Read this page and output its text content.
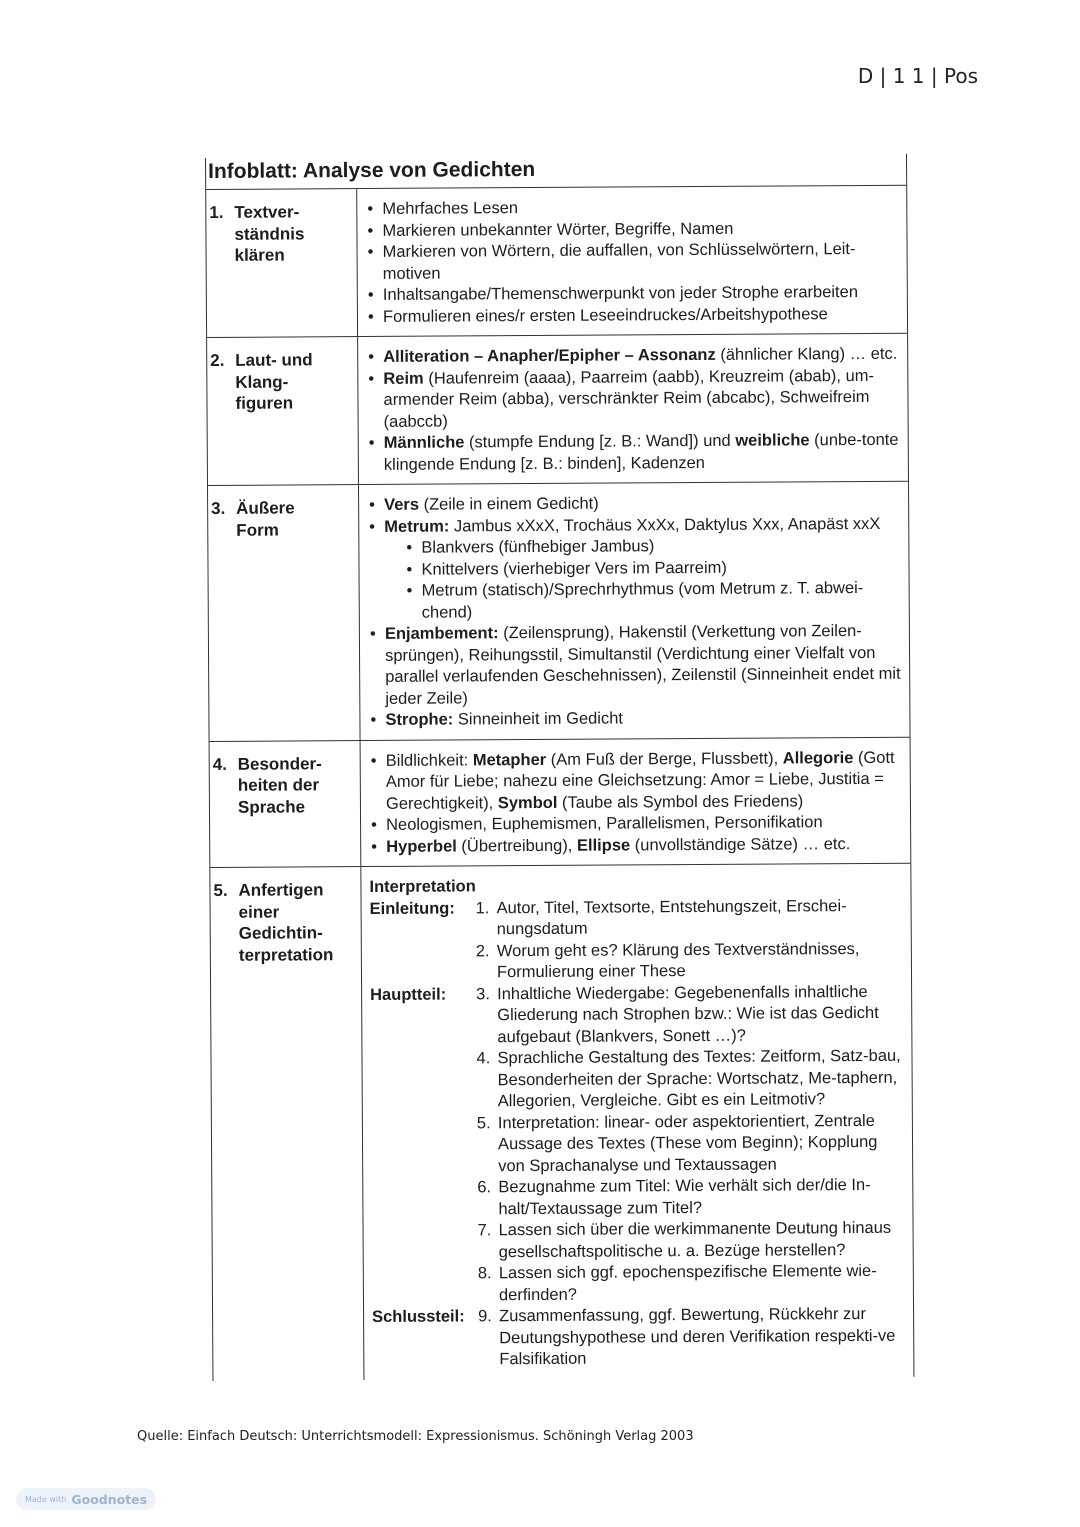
D | 1 1 | Pos
Infoblatt: Analyse von Gedichten
1. Textver-
ständnis
klären
• Mehrfaches Lesen
• Markieren unbekannter Wörter, Begriffe, Namen
• Markieren von Wörtern, die auffallen, von Schlüsselwörtern, Leit-motiven
• Inhaltsangabe/Themenschwerpunkt von jeder Strophe erarbeiten
• Formulieren eines/r ersten Leseeindruckes/Arbeitshypothese
2. Laut- und
Klang-
figuren
• Alliteration – Anapher/Epipher – Assonanz (ähnlicher Klang) … etc.
• Reim (Haufenreim (aaaa), Paarreim (aabb), Kreuzreim (abab), um-armender Reim (abba), verschränkter Reim (abcabc), Schweifreim (aabccb)
• Männliche (stumpfe Endung [z. B.: Wand]) und weibliche (unbe-tonte klingende Endung [z. B.: binden], Kadenzen
3. Äußere
Form
• Vers (Zeile in einem Gedicht)
• Metrum: Jambus xXxX, Trochäus XxXx, Daktylus Xxx, Anapäst xxX
• Blankvers (fünfhebiger Jambus)
• Knittelvers (vierhebiger Vers im Paarreim)
• Metrum (statisch)/Sprechrhythmus (vom Metrum z. T. abwei-chend)
• Enjambement: (Zeilensprung), Hakenstil (Verkettung von Zeilen-sprüngen), Reihungsstil, Simultanstil (Verdichtung einer Vielfalt von parallel verlaufenden Geschehnissen), Zeilenstil (Sinneinheit endet mit jeder Zeile)
• Strophe: Sinneinheit im Gedicht
4. Besonder-
heiten der
Sprache
• Bildlichkeit: Metapher (Am Fuß der Berge, Flussbett), Allegorie (Gott Amor für Liebe; nahezu eine Gleichsetzung: Amor = Liebe, Justitia = Gerechtigkeit), Symbol (Taube als Symbol des Friedens)
• Neologismen, Euphemismen, Parallelismen, Personifikation
• Hyperbel (Übertreibung), Ellipse (unvollständige Sätze) … etc.
5. Anfertigen
einer
Gedichtin-
terpretation
Interpretation
Einleitung:	1. Autor, Titel, Textsorte, Entstehungszeit, Erschei-nungsdatum
2. Worum geht es? Klärung des Textverständnisses, Formulierung einer These
Hauptteil:	3. Inhaltliche Wiedergabe: Gegebenenfalls inhaltliche Gliederung nach Strophen bzw.: Wie ist das Gedicht aufgebaut (Blankvers, Sonett …)?
4. Sprachliche Gestaltung des Textes: Zeitform, Satz-bau, Besonderheiten der Sprache: Wortschatz, Me-taphern, Allegorien, Vergleiche. Gibt es ein Leitmotiv?
5. Interpretation: linear- oder aspektorientiert, Zentrale Aussage des Textes (These vom Beginn); Kopplung von Sprachanalyse und Textaussagen
6. Bezugnahme zum Titel: Wie verhält sich der/die In-halt/Textaussage zum Titel?
7. Lassen sich über die werkimmanente Deutung hinaus gesellschaftspolitische u. a. Bezüge herstellen?
8. Lassen sich ggf. epochenspezifische Elemente wie-derfinden?
Schlussteil: 9. Zusammenfassung, ggf. Bewertung, Rückkehr zur Deutungshypothese und deren Verifikation respekti-ve Falsifikation
Quelle: Einfach Deutsch: Unterrichtsmodell: Expressionismus. Schöningh Verlag 2003
Made with Goodnotes
